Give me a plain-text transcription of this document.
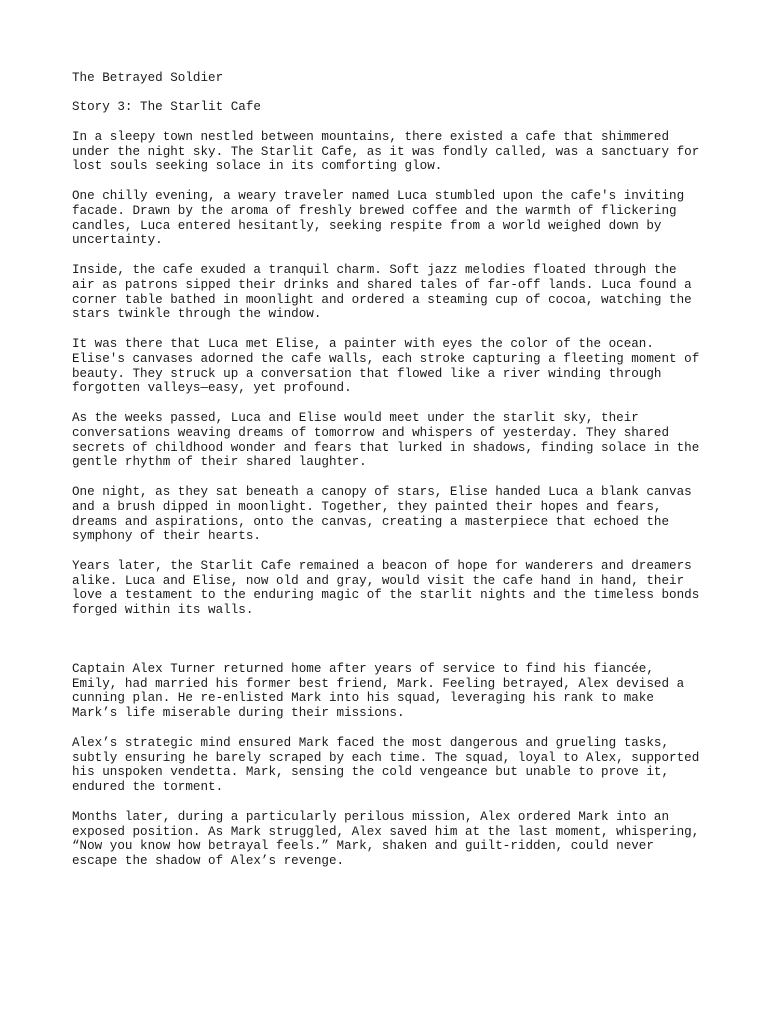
The Betrayed Soldier
Story 3: The Starlit Cafe
In a sleepy town nestled between mountains, there existed a cafe that shimmered
under the night sky. The Starlit Cafe, as it was fondly called, was a sanctuary for
lost souls seeking solace in its comforting glow.
One chilly evening, a weary traveler named Luca stumbled upon the cafe's inviting
facade. Drawn by the aroma of freshly brewed coffee and the warmth of flickering
candles, Luca entered hesitantly, seeking respite from a world weighed down by
uncertainty.
Inside, the cafe exuded a tranquil charm. Soft jazz melodies floated through the
air as patrons sipped their drinks and shared tales of far-off lands. Luca found a
corner table bathed in moonlight and ordered a steaming cup of cocoa, watching the
stars twinkle through the window.
It was there that Luca met Elise, a painter with eyes the color of the ocean.
Elise's canvases adorned the cafe walls, each stroke capturing a fleeting moment of
beauty. They struck up a conversation that flowed like a river winding through
forgotten valleys—easy, yet profound.
As the weeks passed, Luca and Elise would meet under the starlit sky, their
conversations weaving dreams of tomorrow and whispers of yesterday. They shared
secrets of childhood wonder and fears that lurked in shadows, finding solace in the
gentle rhythm of their shared laughter.
One night, as they sat beneath a canopy of stars, Elise handed Luca a blank canvas
and a brush dipped in moonlight. Together, they painted their hopes and fears,
dreams and aspirations, onto the canvas, creating a masterpiece that echoed the
symphony of their hearts.
Years later, the Starlit Cafe remained a beacon of hope for wanderers and dreamers
alike. Luca and Elise, now old and gray, would visit the cafe hand in hand, their
love a testament to the enduring magic of the starlit nights and the timeless bonds
forged within its walls.
Captain Alex Turner returned home after years of service to find his fiancée,
Emily, had married his former best friend, Mark. Feeling betrayed, Alex devised a
cunning plan. He re-enlisted Mark into his squad, leveraging his rank to make
Mark’s life miserable during their missions.
Alex’s strategic mind ensured Mark faced the most dangerous and grueling tasks,
subtly ensuring he barely scraped by each time. The squad, loyal to Alex, supported
his unspoken vendetta. Mark, sensing the cold vengeance but unable to prove it,
endured the torment.
Months later, during a particularly perilous mission, Alex ordered Mark into an
exposed position. As Mark struggled, Alex saved him at the last moment, whispering,
“Now you know how betrayal feels.” Mark, shaken and guilt-ridden, could never
escape the shadow of Alex’s revenge.
